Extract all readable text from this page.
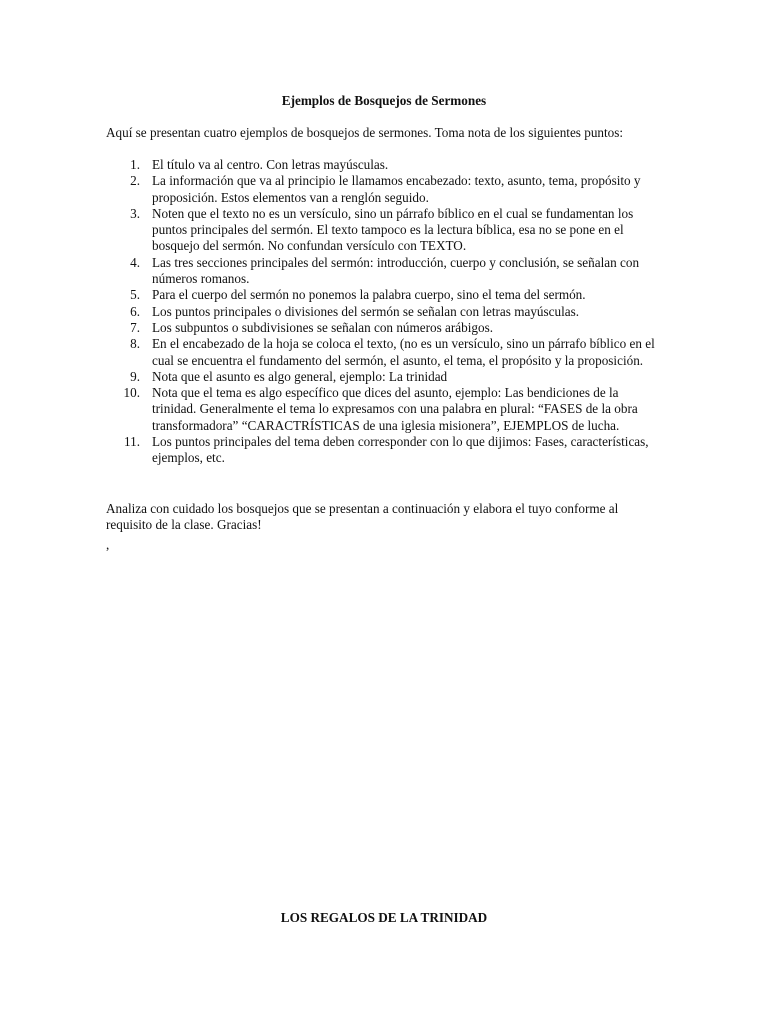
Ejemplos de Bosquejos de Sermones

Aquí se presentan cuatro ejemplos de bosquejos de sermones. Toma nota de los siguientes puntos:

1. El título va al centro. Con letras mayúsculas.
2. La información que va al principio le llamamos encabezado: texto, asunto, tema, propósito y proposición. Estos elementos van a renglón seguido.
3. Noten que el texto no es un versículo, sino un párrafo bíblico en el cual se fundamentan los puntos principales del sermón. El texto tampoco es la lectura bíblica, esa no se pone en el bosquejo del sermón. No confundan versículo con TEXTO.
4. Las tres secciones principales del sermón: introducción, cuerpo y conclusión, se señalan con números romanos.
5. Para el cuerpo del sermón no ponemos la palabra cuerpo, sino el tema del sermón.
6. Los puntos principales o divisiones del sermón se señalan con letras mayúsculas.
7. Los subpuntos o subdivisiones se señalan con números arábigos.
8. En el encabezado de la hoja se coloca el texto, (no es un versículo, sino un párrafo bíblico en el cual se encuentra el fundamento del sermón, el asunto, el tema, el propósito y la proposición.
9. Nota que el asunto es algo general, ejemplo: La trinidad
10. Nota que el tema es algo específico que dices del asunto, ejemplo: Las bendiciones de la trinidad. Generalmente el tema lo expresamos con una palabra en plural: “FASES de la obra transformadora” “CARACTRÍSTICAS de una iglesia misionera”, EJEMPLOS de lucha.
11. Los puntos principales del tema deben corresponder con lo que dijimos: Fases, características, ejemplos, etc.

Analiza con cuidado los bosquejos que se presentan a continuación y elabora el tuyo conforme al requisito de la clase. Gracias!

,

LOS REGALOS DE LA TRINIDAD
